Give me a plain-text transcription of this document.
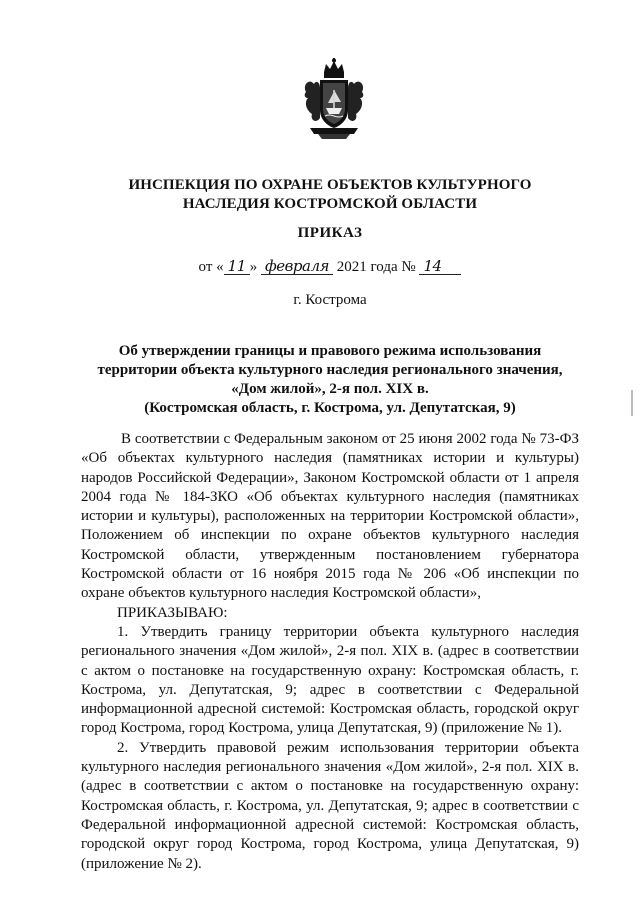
ИНСПЕКЦИЯ ПО ОХРАНЕ ОБЪЕКТОВ КУЛЬТУРНОГО
НАСЛЕДИЯ КОСТРОМСКОЙ ОБЛАСТИ
ПРИКАЗ
от « 11 » февраля 2021 года № 14
г. Кострома
Об утверждении границы и правового режима использования
территории объекта культурного наследия регионального значения,
«Дом жилой», 2-я пол. XIX в.
(Костромская область, г. Кострома, ул. Депутатская, 9)

В соответствии с Федеральным законом от 25 июня 2002 года № 73-ФЗ «Об объектах культурного наследия (памятниках истории и культуры) народов Российской Федерации», Законом Костромской области от 1 апреля 2004 года № 184-ЗКО «Об объектах культурного наследия (памятниках истории и культуры), расположенных на территории Костромской области», Положением об инспекции по охране объектов культурного наследия Костромской области, утвержденным постановлением губернатора Костромской области от 16 ноября 2015 года № 206 «Об инспекции по охране объектов культурного наследия Костромской области»,

ПРИКАЗЫВАЮ:

1. Утвердить границу территории объекта культурного наследия регионального значения «Дом жилой», 2-я пол. XIX в. (адрес в соответствии с актом о постановке на государственную охрану: Костромская область, г. Кострома, ул. Депутатская, 9; адрес в соответствии с Федеральной информационной адресной системой: Костромская область, городской округ город Кострома, город Кострома, улица Депутатская, 9) (приложение № 1).

2. Утвердить правовой режим использования территории объекта культурного наследия регионального значения «Дом жилой», 2-я пол. XIX в. (адрес в соответствии с актом о постановке на государственную охрану: Костромская область, г. Кострома, ул. Депутатская, 9; адрес в соответствии с Федеральной информационной адресной системой: Костромская область, городской округ город Кострома, город Кострома, улица Депутатская, 9) (приложение № 2).
